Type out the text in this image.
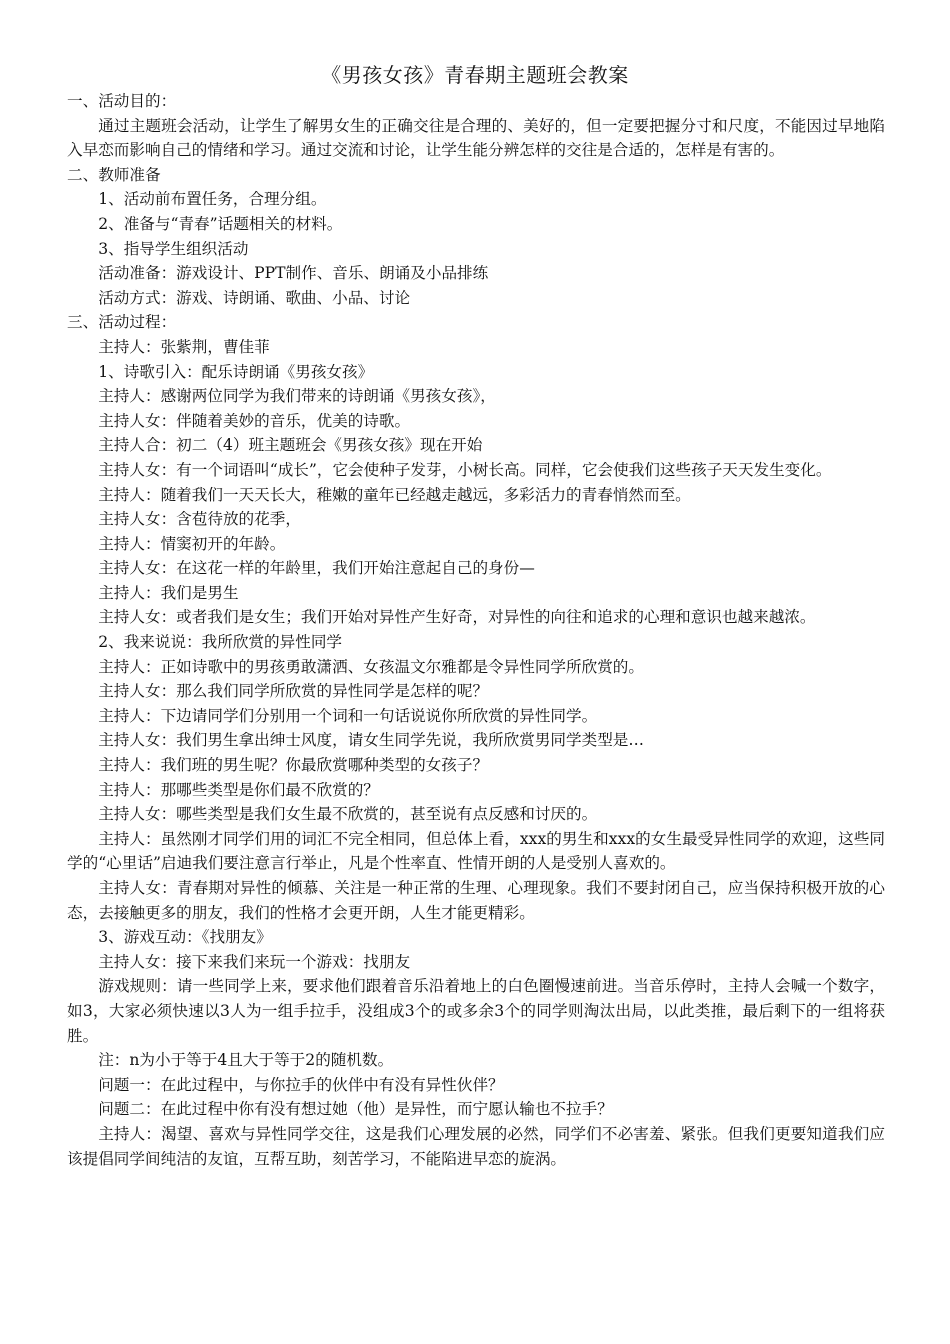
《男孩女孩》青春期主题班会教案

一、活动目的：

通过主题班会活动，让学生了解男女生的正确交往是合理的、美好的，但一定要把握分寸和尺度，不能因过早地陷入早恋而影响自己的情绪和学习。通过交流和讨论，让学生能分辨怎样的交往是合适的，怎样是有害的。

二、教师准备

1、活动前布置任务，合理分组。

2、准备与“青春”话题相关的材料。

3、指导学生组织活动

活动准备：游戏设计、PPT制作、音乐、朗诵及小品排练

活动方式：游戏、诗朗诵、歌曲、小品、讨论

三、活动过程：

主持人：张紫荆，曹佳菲

1、诗歌引入：配乐诗朗诵《男孩女孩》

主持人：感谢两位同学为我们带来的诗朗诵《男孩女孩》，

主持人女：伴随着美妙的音乐，优美的诗歌。

主持人合：初二（4）班主题班会《男孩女孩》现在开始

主持人女：有一个词语叫“成长”，它会使种子发芽，小树长高。同样，它会使我们这些孩子天天发生变化。

主持人：随着我们一天天长大，稚嫩的童年已经越走越远，多彩活力的青春悄然而至。

主持人女：含苞待放的花季，

主持人：情窦初开的年龄。

主持人女：在这花一样的年龄里，我们开始注意起自己的身份—

主持人：我们是男生

主持人女：或者我们是女生；我们开始对异性产生好奇，对异性的向往和追求的心理和意识也越来越浓。

2、我来说说：我所欣赏的异性同学

主持人：正如诗歌中的男孩勇敢潇洒、女孩温文尔雅都是令异性同学所欣赏的。

主持人女：那么我们同学所欣赏的异性同学是怎样的呢？

主持人：下边请同学们分别用一个词和一句话说说你所欣赏的异性同学。

主持人女：我们男生拿出绅士风度，请女生同学先说，我所欣赏男同学类型是…

主持人：我们班的男生呢？你最欣赏哪种类型的女孩子？

主持人：那哪些类型是你们最不欣赏的？

主持人女：哪些类型是我们女生最不欣赏的，甚至说有点反感和讨厌的。

主持人：虽然刚才同学们用的词汇不完全相同，但总体上看，xxx的男生和xxx的女生最受异性同学的欢迎，这些同学的“心里话”启迪我们要注意言行举止，凡是个性率直、性情开朗的人是受别人喜欢的。

主持人女：青春期对异性的倾慕、关注是一种正常的生理、心理现象。我们不要封闭自己，应当保持积极开放的心态，去接触更多的朋友，我们的性格才会更开朗，人生才能更精彩。

3、游戏互动：《找朋友》

主持人女：接下来我们来玩一个游戏：找朋友

游戏规则：请一些同学上来，要求他们跟着音乐沿着地上的白色圈慢速前进。当音乐停时，主持人会喊一个数字，如3，大家必须快速以3人为一组手拉手，没组成3个的或多余3个的同学则淘汰出局，以此类推，最后剩下的一组将获胜。

注：n为小于等于4且大于等于2的随机数。

问题一：在此过程中，与你拉手的伙伴中有没有异性伙伴？

问题二：在此过程中你有没有想过她（他）是异性，而宁愿认输也不拉手？

主持人：渴望、喜欢与异性同学交往，这是我们心理发展的必然，同学们不必害羞、紧张。但我们更要知道我们应该提倡同学间纯洁的友谊，互帮互助，刻苦学习，不能陷进早恋的旋涡。
